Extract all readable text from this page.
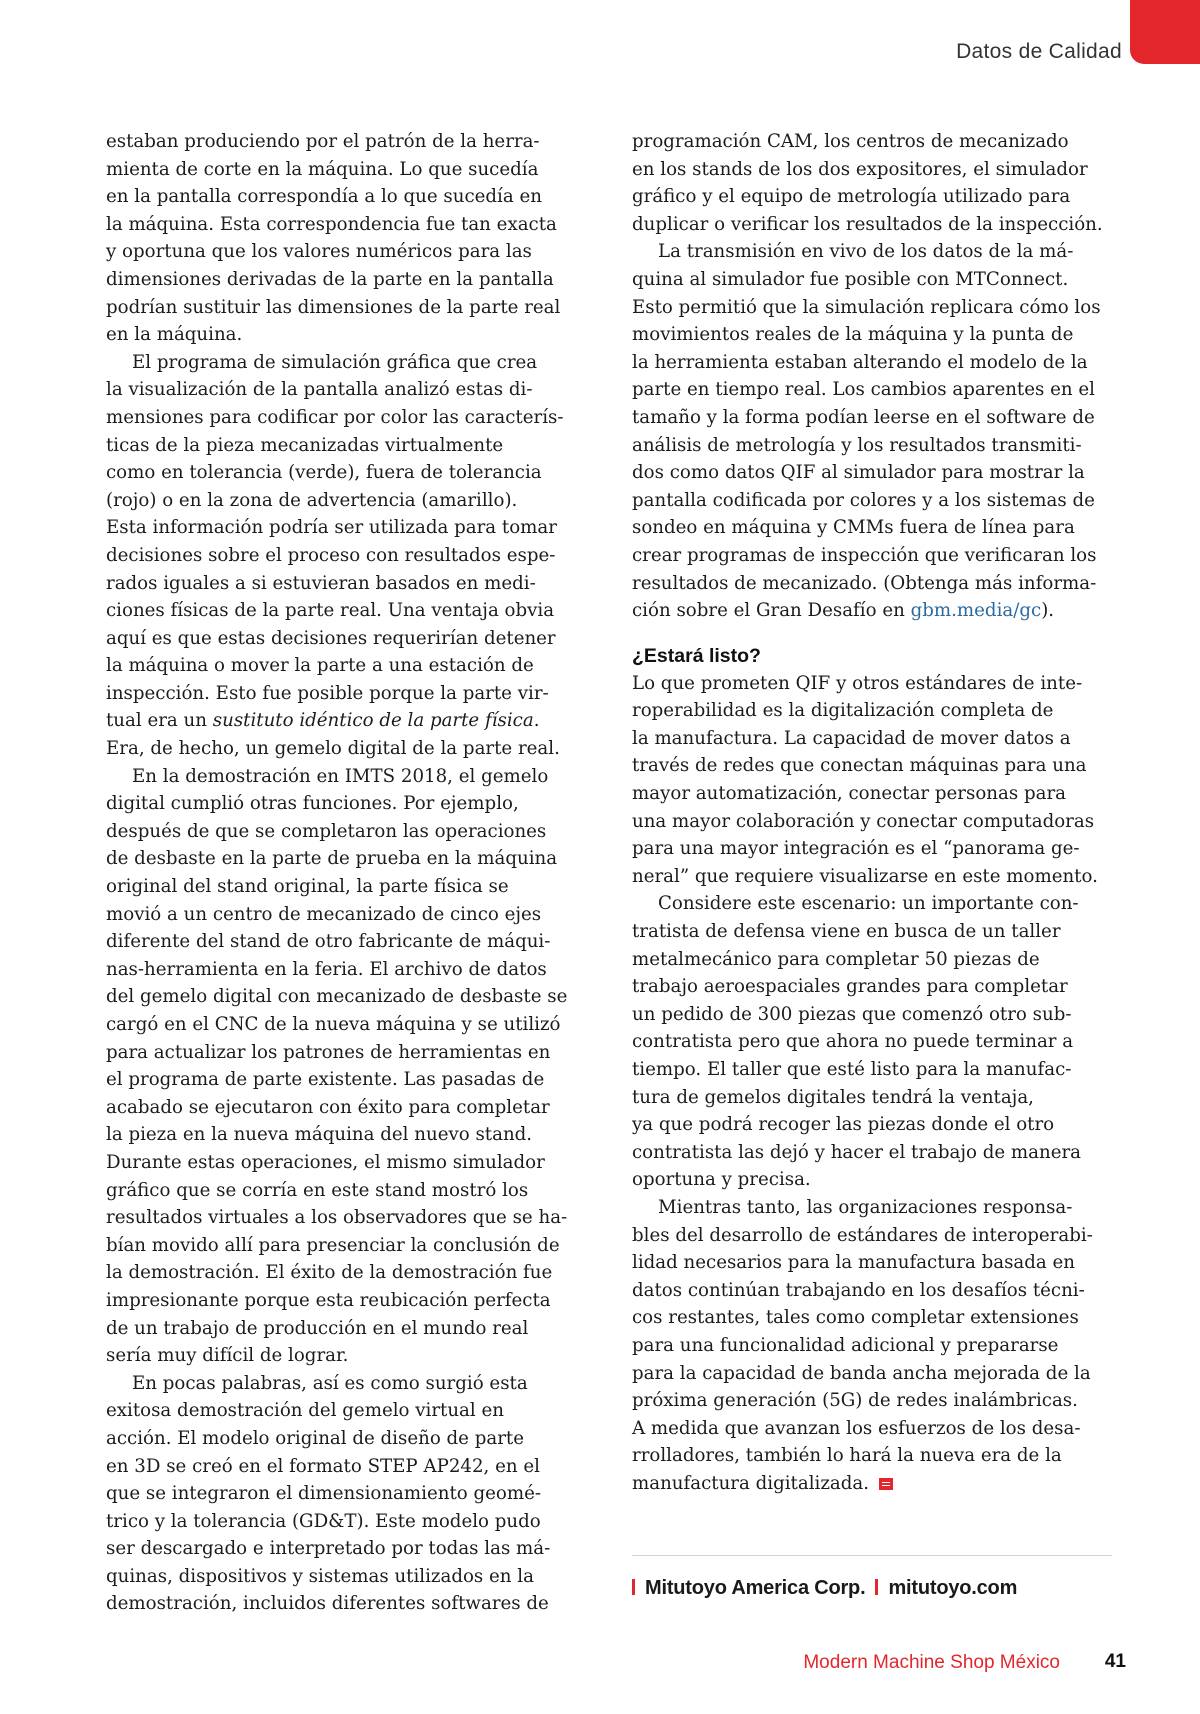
Datos de Calidad
estaban produciendo por el patrón de la herra-
mienta de corte en la máquina. Lo que sucedía
en la pantalla correspondía a lo que sucedía en
la máquina. Esta correspondencia fue tan exacta
y oportuna que los valores numéricos para las
dimensiones derivadas de la parte en la pantalla
podrían sustituir las dimensiones de la parte real
en la máquina.
El programa de simulación gráfica que crea
la visualización de la pantalla analizó estas di-
mensiones para codificar por color las caracterís-
ticas de la pieza mecanizadas virtualmente
como en tolerancia (verde), fuera de tolerancia
(rojo) o en la zona de advertencia (amarillo).
Esta información podría ser utilizada para tomar
decisiones sobre el proceso con resultados espe-
rados iguales a si estuvieran basados en medi-
ciones físicas de la parte real. Una ventaja obvia
aquí es que estas decisiones requerirían detener
la máquina o mover la parte a una estación de
inspección. Esto fue posible porque la parte vir-
tual era un sustituto idéntico de la parte física.
Era, de hecho, un gemelo digital de la parte real.
En la demostración en IMTS 2018, el gemelo
digital cumplió otras funciones. Por ejemplo,
después de que se completaron las operaciones
de desbaste en la parte de prueba en la máquina
original del stand original, la parte física se
movió a un centro de mecanizado de cinco ejes
diferente del stand de otro fabricante de máqui-
nas-herramienta en la feria. El archivo de datos
del gemelo digital con mecanizado de desbaste se
cargó en el CNC de la nueva máquina y se utilizó
para actualizar los patrones de herramientas en
el programa de parte existente. Las pasadas de
acabado se ejecutaron con éxito para completar
la pieza en la nueva máquina del nuevo stand.
Durante estas operaciones, el mismo simulador
gráfico que se corría en este stand mostró los
resultados virtuales a los observadores que se ha-
bían movido allí para presenciar la conclusión de
la demostración. El éxito de la demostración fue
impresionante porque esta reubicación perfecta
de un trabajo de producción en el mundo real
sería muy difícil de lograr.
En pocas palabras, así es como surgió esta
exitosa demostración del gemelo virtual en
acción. El modelo original de diseño de parte
en 3D se creó en el formato STEP AP242, en el
que se integraron el dimensionamiento geomé-
trico y la tolerancia (GD&T). Este modelo pudo
ser descargado e interpretado por todas las má-
quinas, dispositivos y sistemas utilizados en la
demostración, incluidos diferentes softwares de
programación CAM, los centros de mecanizado
en los stands de los dos expositores, el simulador
gráfico y el equipo de metrología utilizado para
duplicar o verificar los resultados de la inspección.
La transmisión en vivo de los datos de la má-
quina al simulador fue posible con MTConnect.
Esto permitió que la simulación replicara cómo los
movimientos reales de la máquina y la punta de
la herramienta estaban alterando el modelo de la
parte en tiempo real. Los cambios aparentes en el
tamaño y la forma podían leerse en el software de
análisis de metrología y los resultados transmiti-
dos como datos QIF al simulador para mostrar la
pantalla codificada por colores y a los sistemas de
sondeo en máquina y CMMs fuera de línea para
crear programas de inspección que verificaran los
resultados de mecanizado. (Obtenga más informa-
ción sobre el Gran Desafío en gbm.media/gc).
¿Estará listo?
Lo que prometen QIF y otros estándares de inte-
roperabilidad es la digitalización completa de
la manufactura. La capacidad de mover datos a
través de redes que conectan máquinas para una
mayor automatización, conectar personas para
una mayor colaboración y conectar computadoras
para una mayor integración es el “panorama ge-
neral” que requiere visualizarse en este momento.
Considere este escenario: un importante con-
tratista de defensa viene en busca de un taller
metalmecánico para completar 50 piezas de
trabajo aeroespaciales grandes para completar
un pedido de 300 piezas que comenzó otro sub-
contratista pero que ahora no puede terminar a
tiempo. El taller que esté listo para la manufac-
tura de gemelos digitales tendrá la ventaja,
ya que podrá recoger las piezas donde el otro
contratista las dejó y hacer el trabajo de manera
oportuna y precisa.
Mientras tanto, las organizaciones responsa-
bles del desarrollo de estándares de interoperabi-
lidad necesarios para la manufactura basada en
datos continúan trabajando en los desafíos técni-
cos restantes, tales como completar extensiones
para una funcionalidad adicional y prepararse
para la capacidad de banda ancha mejorada de la
próxima generación (5G) de redes inalámbricas.
A medida que avanzan los esfuerzos de los desa-
rrolladores, también lo hará la nueva era de la
manufactura digitalizada.
Mitutoyo America Corp. mitutoyo.com
Modern Machine Shop México 41
